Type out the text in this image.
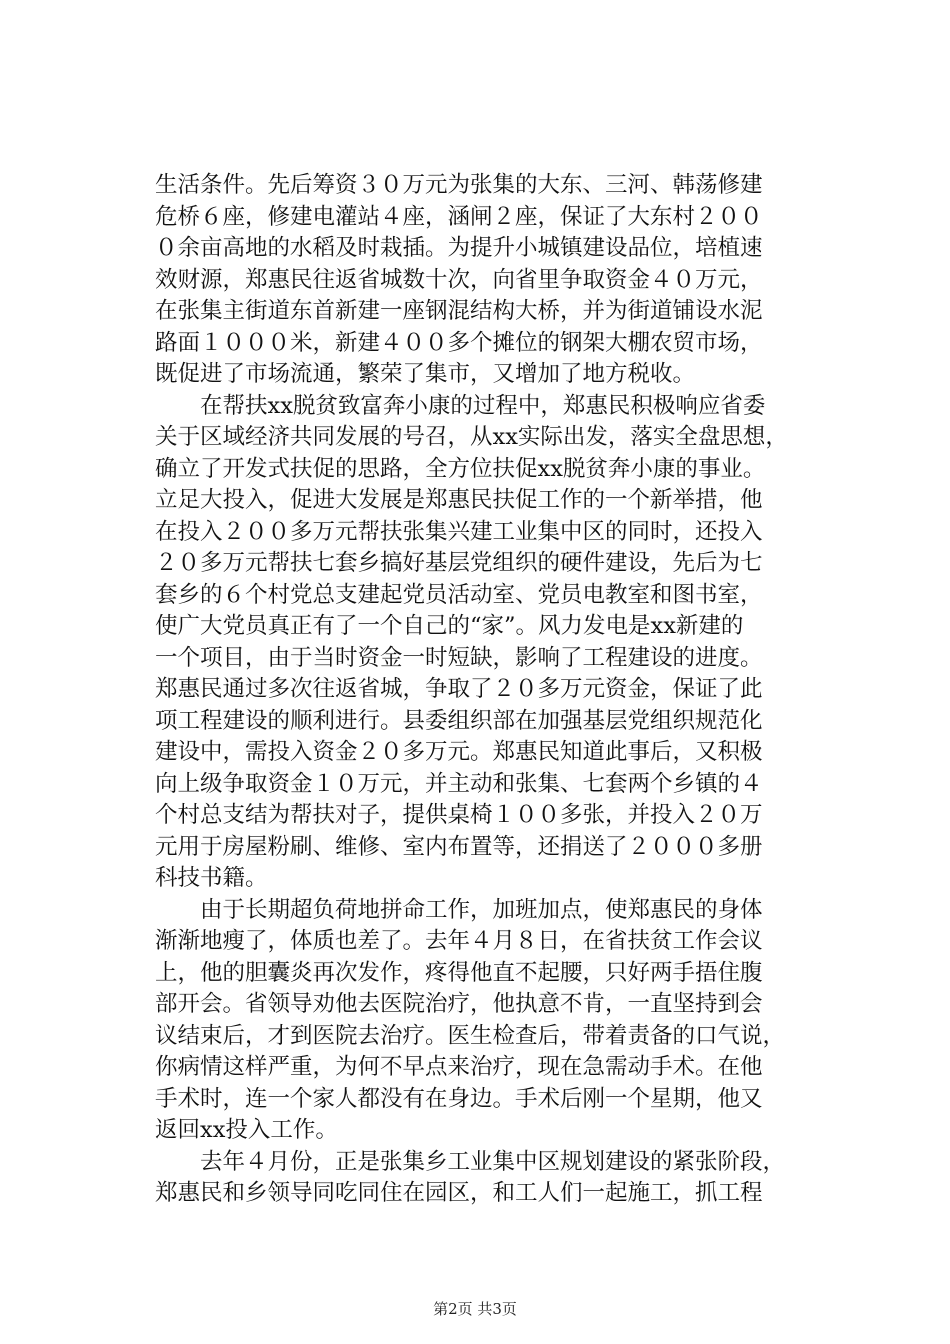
生活条件。先后筹资３０万元为张集的大东、三河、韩荡修建
危桥６座，修建电灌站４座，涵闸２座，保证了大东村２００
０余亩高地的水稻及时栽插。为提升小城镇建设品位，培植速
效财源，郑惠民往返省城数十次，向省里争取资金４０万元，
在张集主街道东首新建一座钢混结构大桥，并为街道铺设水泥
路面１０００米，新建４００多个摊位的钢架大棚农贸市场，
既促进了市场流通，繁荣了集市，又增加了地方税收。
在帮扶xx脱贫致富奔小康的过程中，郑惠民积极响应省委
关于区域经济共同发展的号召，从xx实际出发，落实全盘思想，
确立了开发式扶促的思路，全方位扶促xx脱贫奔小康的事业。
立足大投入，促进大发展是郑惠民扶促工作的一个新举措，他
在投入２００多万元帮扶张集兴建工业集中区的同时，还投入
２０多万元帮扶七套乡搞好基层党组织的硬件建设，先后为七
套乡的６个村党总支建起党员活动室、党员电教室和图书室，
使广大党员真正有了一个自己的“家”。风力发电是xx新建的
一个项目，由于当时资金一时短缺，影响了工程建设的进度。
郑惠民通过多次往返省城，争取了２０多万元资金，保证了此
项工程建设的顺利进行。县委组织部在加强基层党组织规范化
建设中，需投入资金２０多万元。郑惠民知道此事后，又积极
向上级争取资金１０万元，并主动和张集、七套两个乡镇的４
个村总支结为帮扶对子，提供桌椅１００多张，并投入２０万
元用于房屋粉刷、维修、室内布置等，还捐送了２０００多册
科技书籍。
由于长期超负荷地拼命工作，加班加点，使郑惠民的身体
渐渐地瘦了，体质也差了。去年４月８日，在省扶贫工作会议
上，他的胆囊炎再次发作，疼得他直不起腰，只好两手捂住腹
部开会。省领导劝他去医院治疗，他执意不肯，一直坚持到会
议结束后，才到医院去治疗。医生检查后，带着责备的口气说，
你病情这样严重，为何不早点来治疗，现在急需动手术。在他
手术时，连一个家人都没有在身边。手术后刚一个星期，他又
返回xx投入工作。
去年４月份，正是张集乡工业集中区规划建设的紧张阶段，
郑惠民和乡领导同吃同住在园区，和工人们一起施工，抓工程
第2页 共3页
